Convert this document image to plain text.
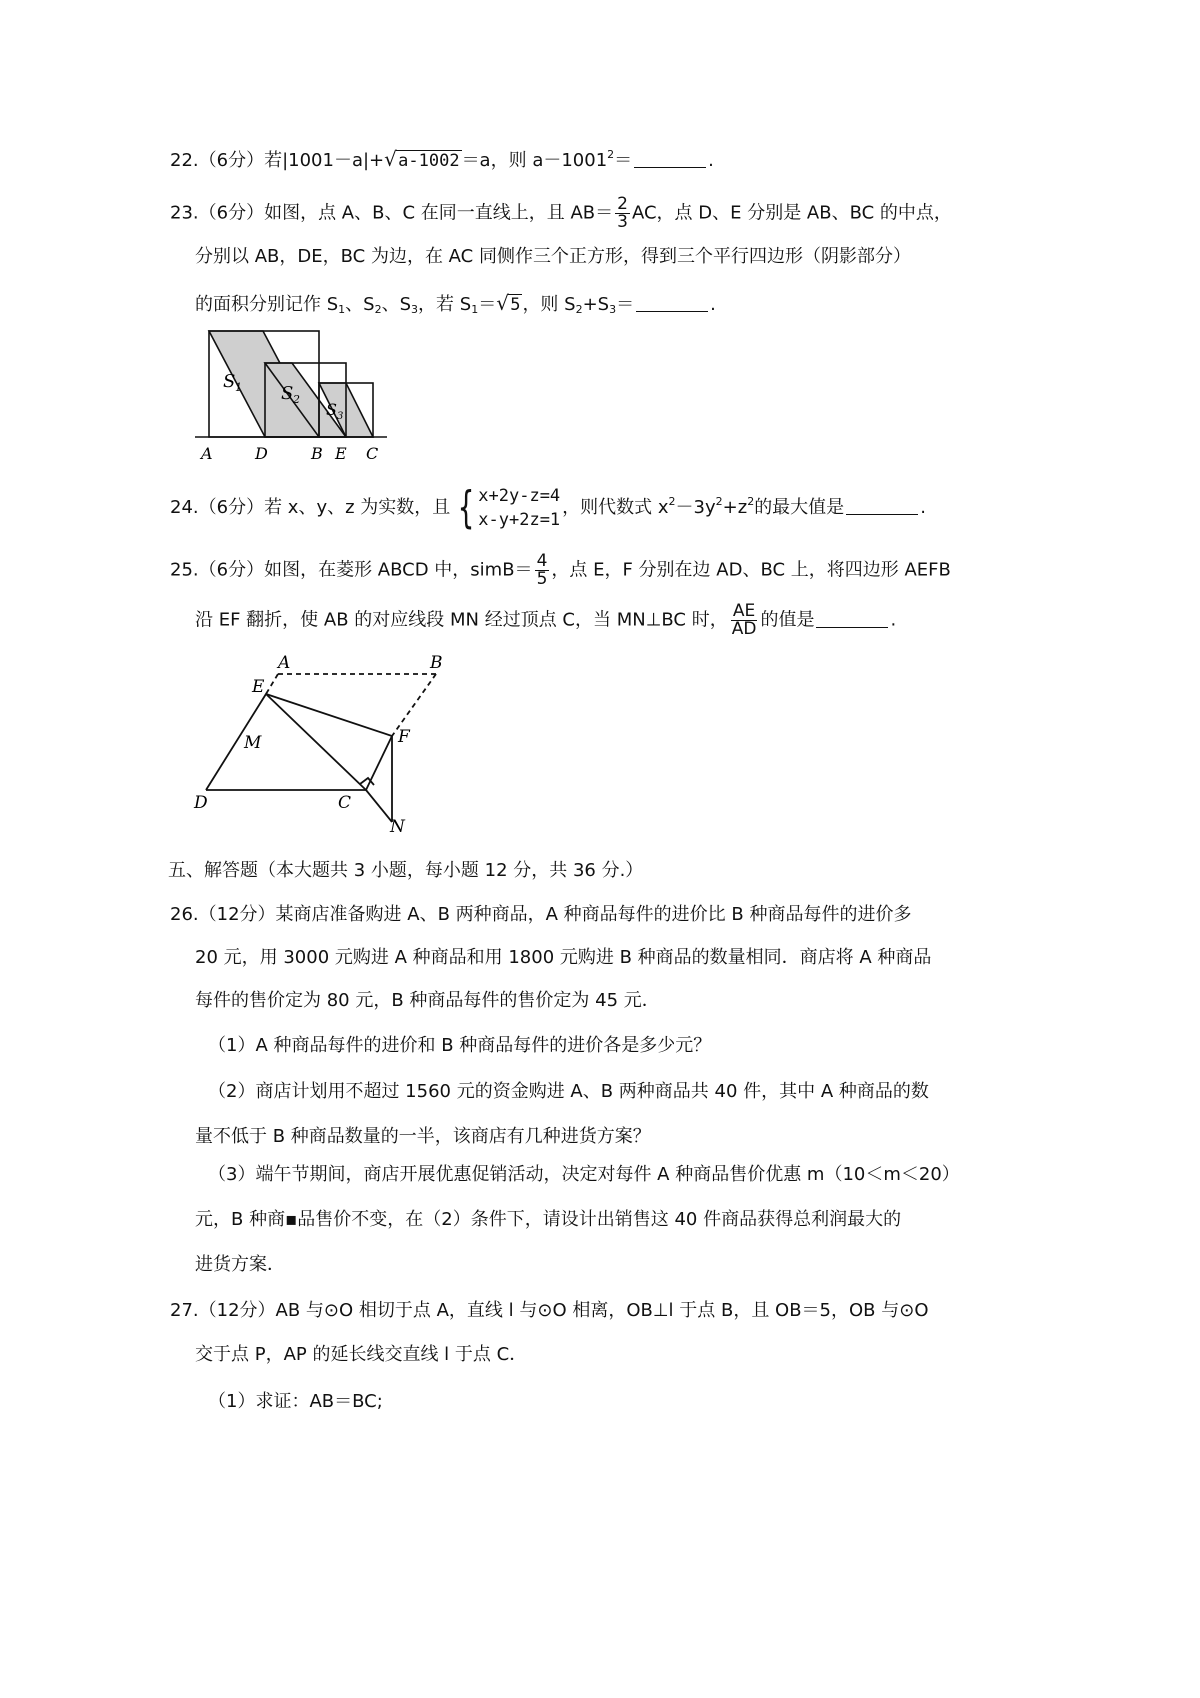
22.（6分）若|1001－a|+√ a-1002 ＝a，则 $a-1001^2=$	.
23.（6分）如图，点 A、B、C 在同一直线上，且 $AB= \frac{2}{3}$ AC，点 D、E 分别是 AB、BC 的中点，
分别以 AB，DE，BC 为边，在 AC 同侧作三个正方形，得到三个平行四边形（阴影部分）
的面积分别记作 $S_1$、$S_2$、$S_3$，若 $S_1=√$ 5 ，则 $S_2+S_3=$	.
S 1 S 2
S 3
A	D	B E C
24.（6分）若 x、y、z 为实数，且 { x+2y-z=4
x-y+2z=1
，则代数式 $x^2-3y^2+z^2$的最大值是	.
25.（6分）如图，在菱形 ABCD 中，simB＝ $\frac{4}{5}$ ，点 E，F 分别在边 AD、BC 上，将四边形 AEFB
沿 EF 翻折，使 AB 的对应线段 MN 经过顶点 C，当 MN⊥BC 时， $\frac{AE}{AD}$ 的值是	.
A	B
E
M	F
D	C
N
五、解答题（本大题共 3 小题，每小题 12 分，共 36 分.）
26.（12分）某商店准备购进 A、B 两种商品，A 种商品每件的进价比 B 种商品每件的进价多
20 元，用 3000 元购进 A 种商品和用 1800 元购进 B 种商品的数量相同．商店将 A 种商品
每件的售价定为 80 元，B 种商品每件的售价定为 45 元．
（1）A 种商品每件的进价和 B 种商品每件的进价各是多少元？
（2）商店计划用不超过 1560 元的资金购进 A、B 两种商品共 40 件，其中 A 种商品的数
量不低于 B 种商品数量的一半，该商店有几种进货方案？
（3）端午节期间，商店开展优惠促销活动，决定对每件 A 种商品售价优惠 m（10＜m＜20）
元，B 种商▪品售价不变，在（2）条件下，请设计出销售这 40 件商品获得总利润最大的
进货方案．
27.（12分）AB 与⊙O 相切于点 A，直线 l 与⊙O 相离，OB⊥l 于点 B，且 OB＝5，OB 与⊙O
交于点 P，AP 的延长线交直线 l 于点 C．
（1）求证：AB＝BC;
